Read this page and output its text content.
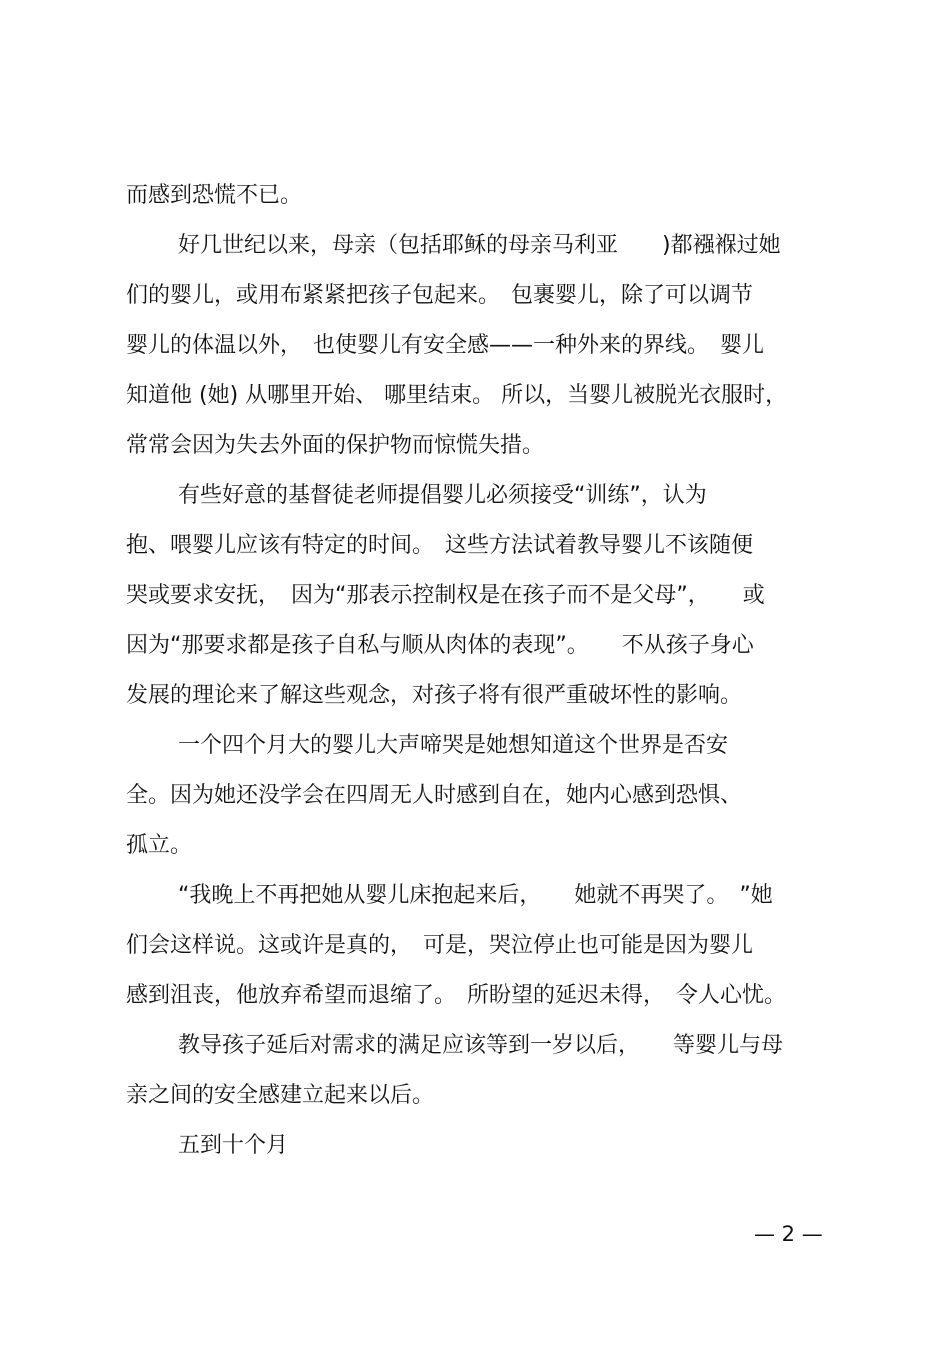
而感到恐慌不已。
好几世纪以来，母亲（包括耶稣的母亲马利亚　　)都襁褓过她
们的婴儿，或用布紧紧把孩子包起来。　包裹婴儿，除了可以调节
婴儿的体温以外，　也使婴儿有安全感——一种外来的界线。　婴儿
知道他 (她) 从哪里开始、 哪里结束。 所以，当婴儿被脱光衣服时，
常常会因为失去外面的保护物而惊慌失措。
有些好意的基督徒老师提倡婴儿必须接受“训练”，认为
抱、喂婴儿应该有特定的时间。　这些方法试着教导婴儿不该随便
哭或要求安抚，　因为“那表示控制权是在孩子而不是父母”，　　或
因为“那要求都是孩子自私与顺从肉体的表现”。　　不从孩子身心
发展的理论来了解这些观念，对孩子将有很严重破坏性的影响。
一个四个月大的婴儿大声啼哭是她想知道这个世界是否安
全。因为她还没学会在四周无人时感到自在，她内心感到恐惧、
孤立。
“我晚上不再把她从婴儿床抱起来后，　　她就不再哭了。　”她
们会这样说。这或许是真的，　可是，哭泣停止也可能是因为婴儿
感到沮丧，他放弃希望而退缩了。　所盼望的延迟未得，　令人心忧。
教导孩子延后对需求的满足应该等到一岁以后，　　等婴儿与母
亲之间的安全感建立起来以后。
五到十个月
— 2 —
